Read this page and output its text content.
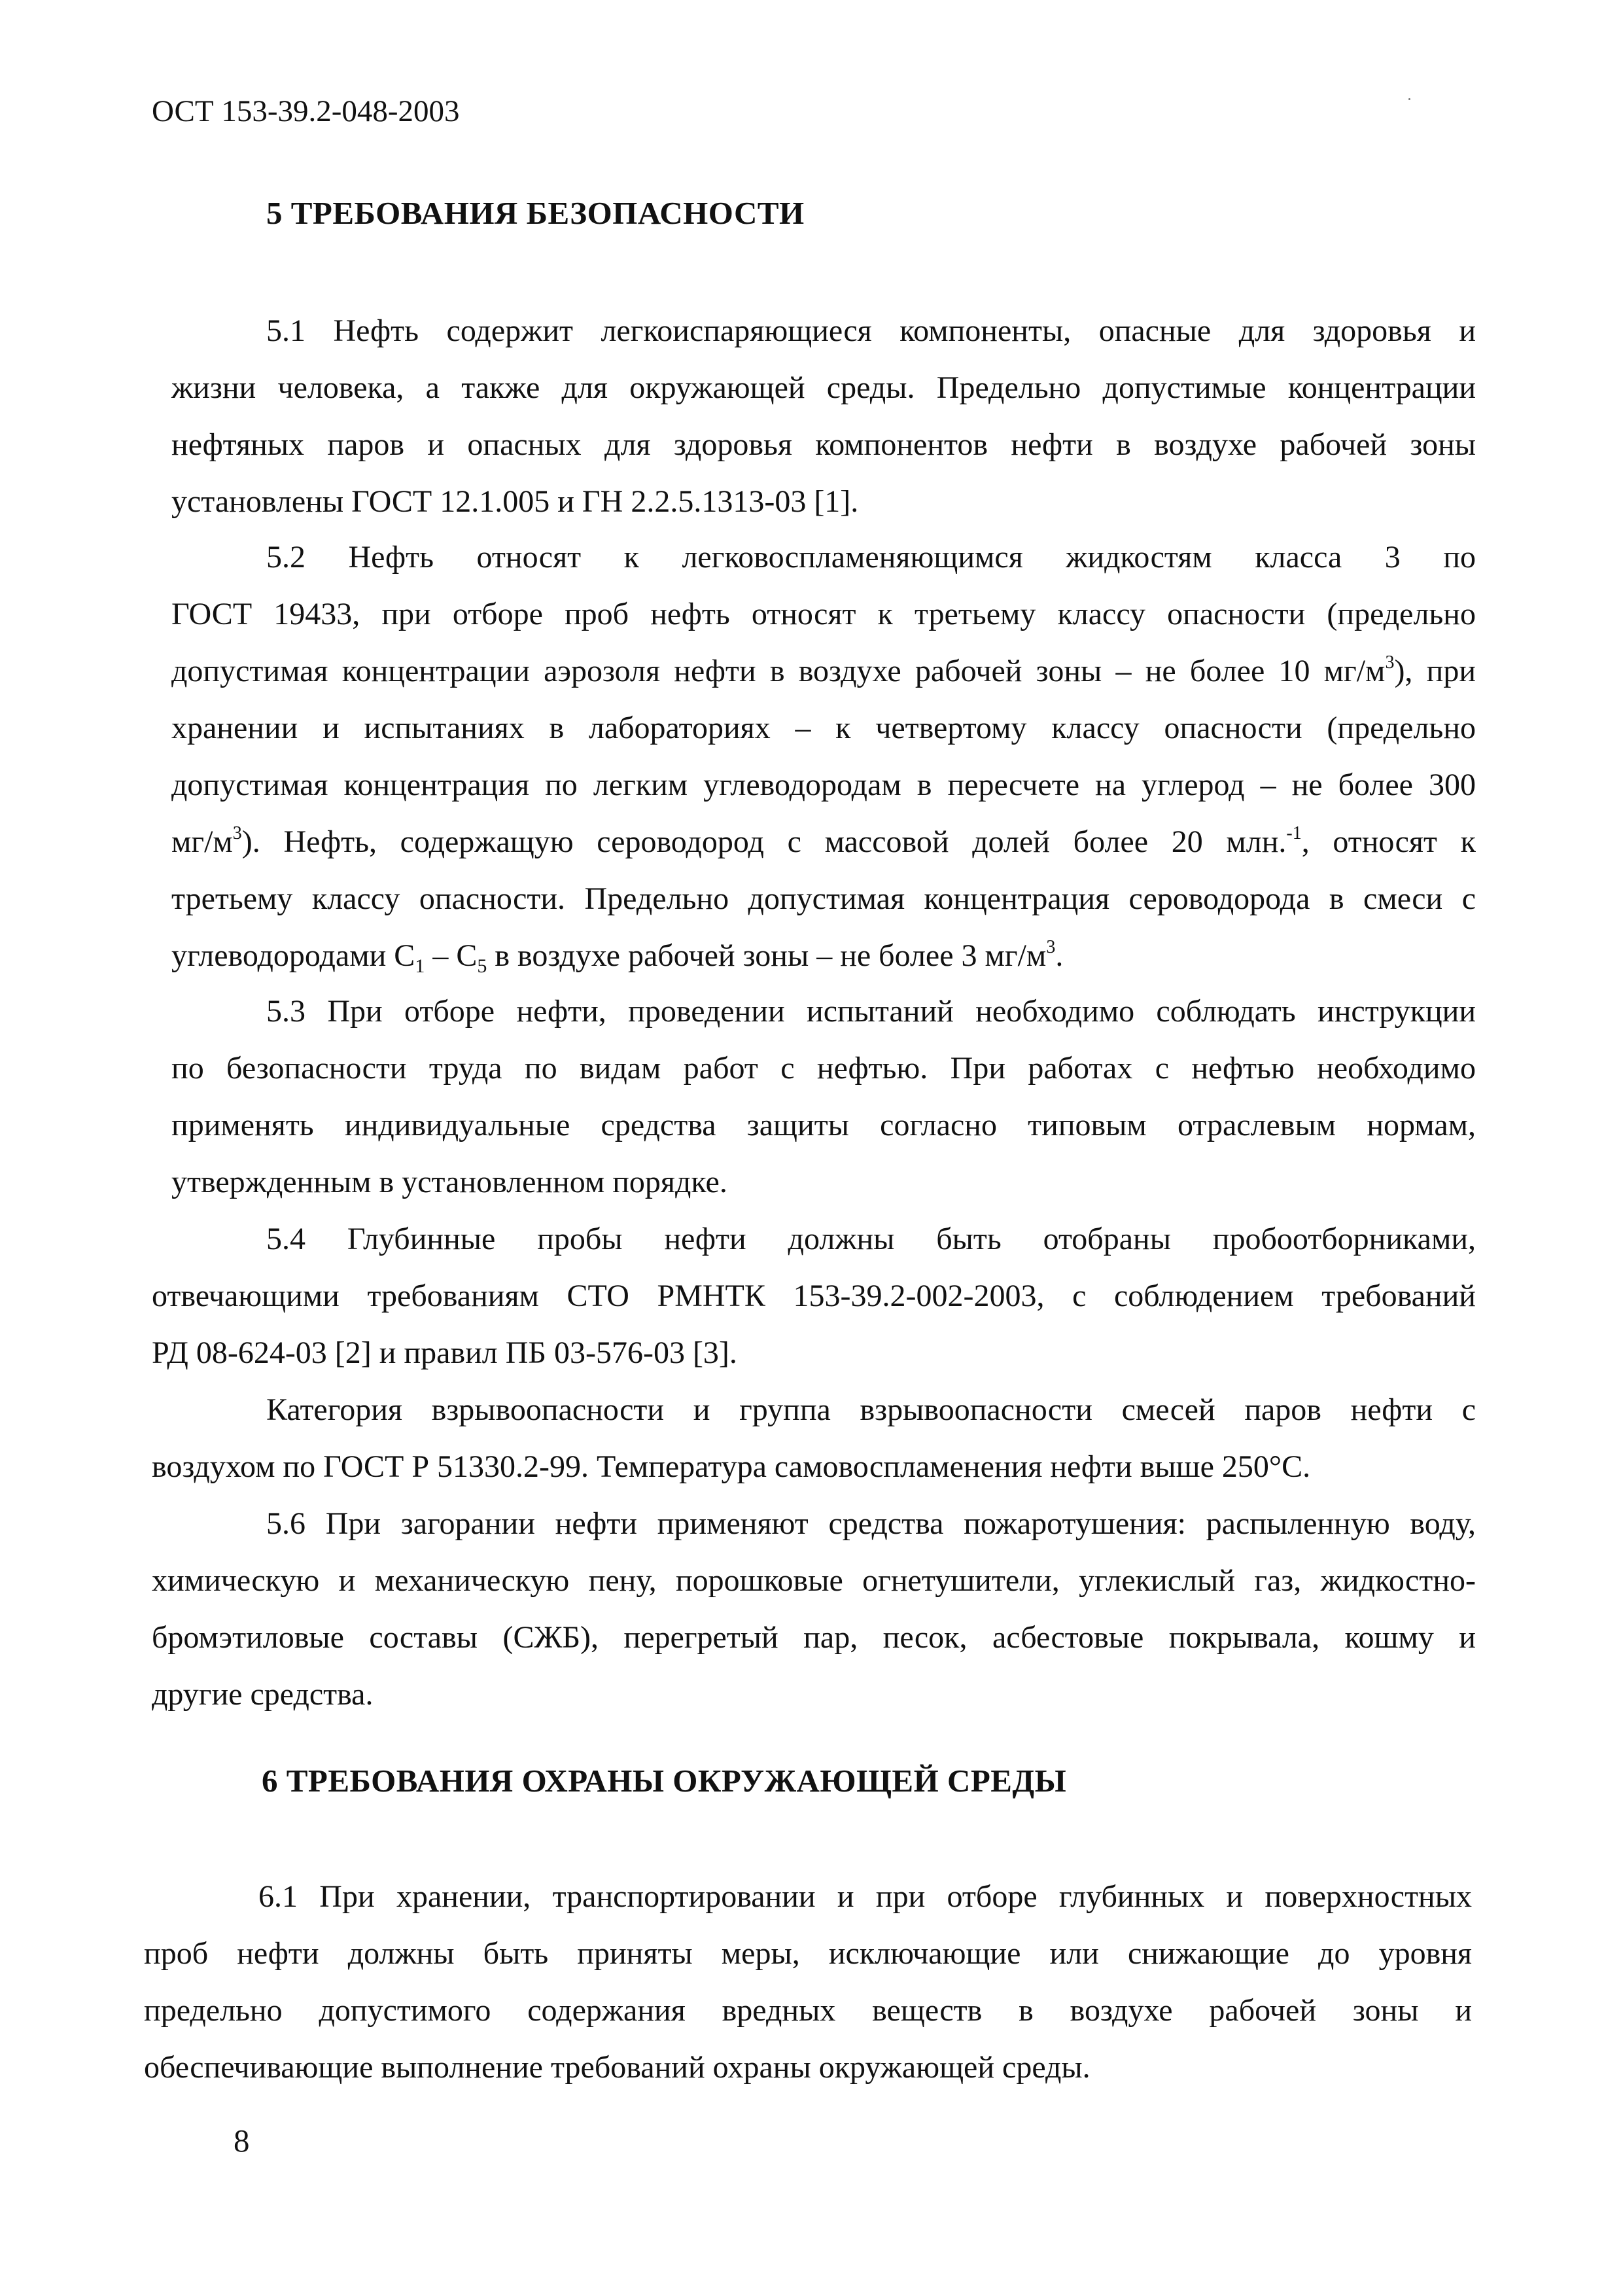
ОСТ 153-39.2-048-2003
5 ТРЕБОВАНИЯ БЕЗОПАСНОСТИ
5.1 Нефть содержит легкоиспаряющиеся компоненты, опасные для здоровья и
жизни человека, а также для окружающей среды. Предельно допустимые концентрации
нефтяных паров и опасных для здоровья компонентов нефти в воздухе рабочей зоны
установлены ГОСТ 12.1.005 и ГН 2.2.5.1313-03 [1].
5.2 Нефть относят к легковоспламеняющимся жидкостям класса 3 по
ГОСТ 19433, при отборе проб нефть относят к третьему классу опасности (предельно
допустимая концентрации аэрозоля нефти в воздухе рабочей зоны – не более 10 $мг/м^3$), при
хранении и испытаниях в лабораториях – к четвертому классу опасности (предельно
допустимая концентрация по легким углеводородам в пересчете на углерод – не более 300
$мг/м^3$). Нефть, содержащую сероводород с массовой долей более 20 млн.$^{-1}$, относят к
третьему классу опасности. Предельно допустимая концентрация сероводорода в смеси с
углеводородами $C_1 - C_5$ в воздухе рабочей зоны – не более 3 $мг/м^3$.
5.3 При отборе нефти, проведении испытаний необходимо соблюдать инструкции
по безопасности труда по видам работ с нефтью. При работах с нефтью необходимо
применять индивидуальные средства защиты согласно типовым отраслевым нормам,
утвержденным в установленном порядке.
5.4 Глубинные пробы нефти должны быть отобраны пробоотборниками,
отвечающими требованиям СТО РМНТК 153-39.2-002-2003, с соблюдением требований
РД 08-624-03 [2] и правил ПБ 03-576-03 [3].
Категория взрывоопасности и группа взрывоопасности смесей паров нефти с
воздухом по ГОСТ Р 51330.2-99. Температура самовоспламенения нефти выше 250°С.
5.6 При загорании нефти применяют средства пожаротушения: распыленную воду,
химическую и механическую пену, порошковые огнетушители, углекислый газ, жидкостно-
бромэтиловые составы (СЖБ), перегретый пар, песок, асбестовые покрывала, кошму и
другие средства.
6 ТРЕБОВАНИЯ ОХРАНЫ ОКРУЖАЮЩЕЙ СРЕДЫ
6.1 При хранении, транспортировании и при отборе глубинных и поверхностных
проб нефти должны быть приняты меры, исключающие или снижающие до уровня
предельно допустимого содержания вредных веществ в воздухе рабочей зоны и
обеспечивающие выполнение требований охраны окружающей среды.
8
